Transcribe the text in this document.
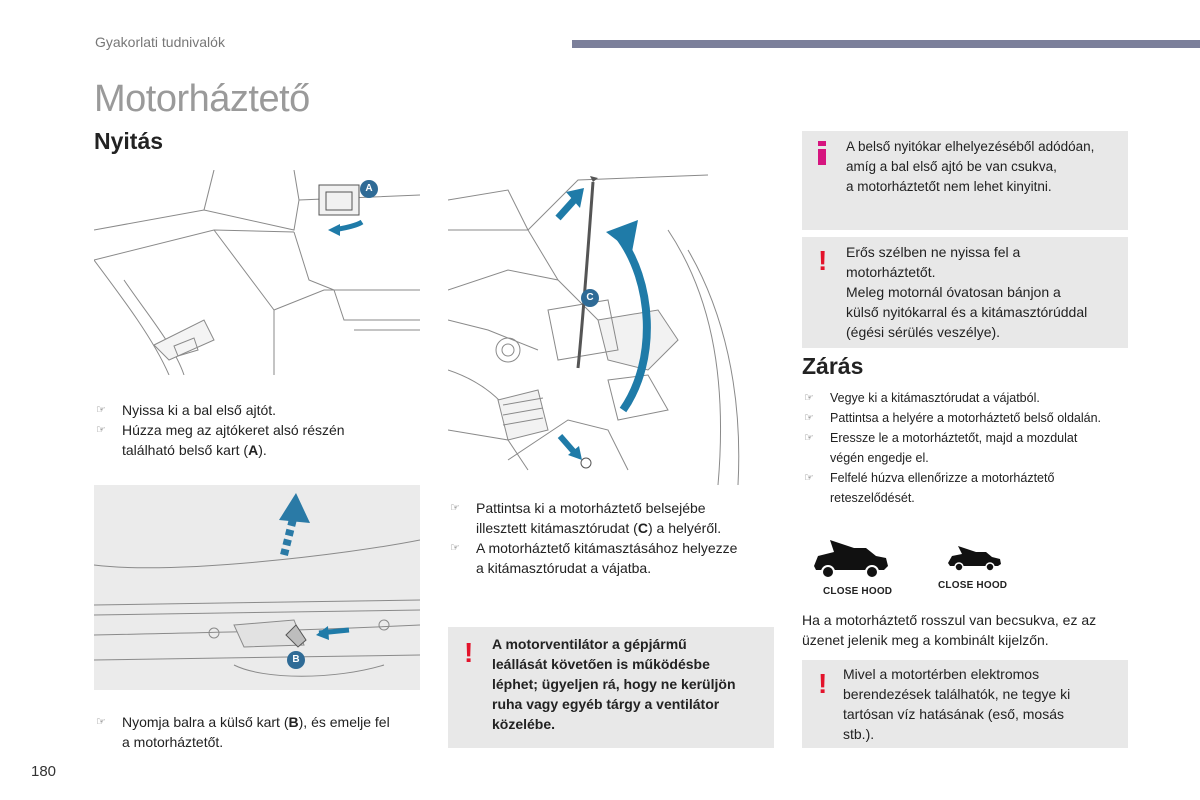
Gyakorlati tudnivalók
Motorháztető
Nyitás
A
☞ Nyissa ki a bal első ajtót.
☞ Húzza meg az ajtókeret alsó részén
található belső kart (A).
B
☞ Nyomja balra a külső kart (B), és emelje fel
a motorháztetőt.
C
☞ Pattintsa ki a motorháztető belsejébe
illesztett kitámasztórudat (C) a helyéről.
☞ A motorháztető kitámasztásához helyezze
a kitámasztórudat a vájatba.
! A motorventilátor a gépjármű
leállását követően is működésbe
léphet; ügyeljen rá, hogy ne kerüljön
ruha vagy egyéb tárgy a ventilátor
közelébe.
A belső nyitókar elhelyezéséből adódóan,
amíg a bal első ajtó be van csukva,
a motorháztetőt nem lehet kinyitni.
! Erős szélben ne nyissa fel a
motorháztetőt.
Meleg motornál óvatosan bánjon a
külső nyitókarral és a kitámasztórúddal
(égési sérülés veszélye).
Zárás
☞ Vegye ki a kitámasztórudat a vájatból.
☞ Pattintsa a helyére a motorháztető belső oldalán.
☞ Eressze le a motorháztetőt, majd a mozdulat
végén engedje el.
☞ Felfelé húzva ellenőrizze a motorháztető
reteszelődését.
CLOSE HOOD
CLOSE HOOD
Ha a motorháztető rosszul van becsukva, ez az
üzenet jelenik meg a kombinált kijelzőn.
! Mivel a motortérben elektromos
berendezések találhatók, ne tegye ki
tartósan víz hatásának (eső, mosás
stb.).
180
